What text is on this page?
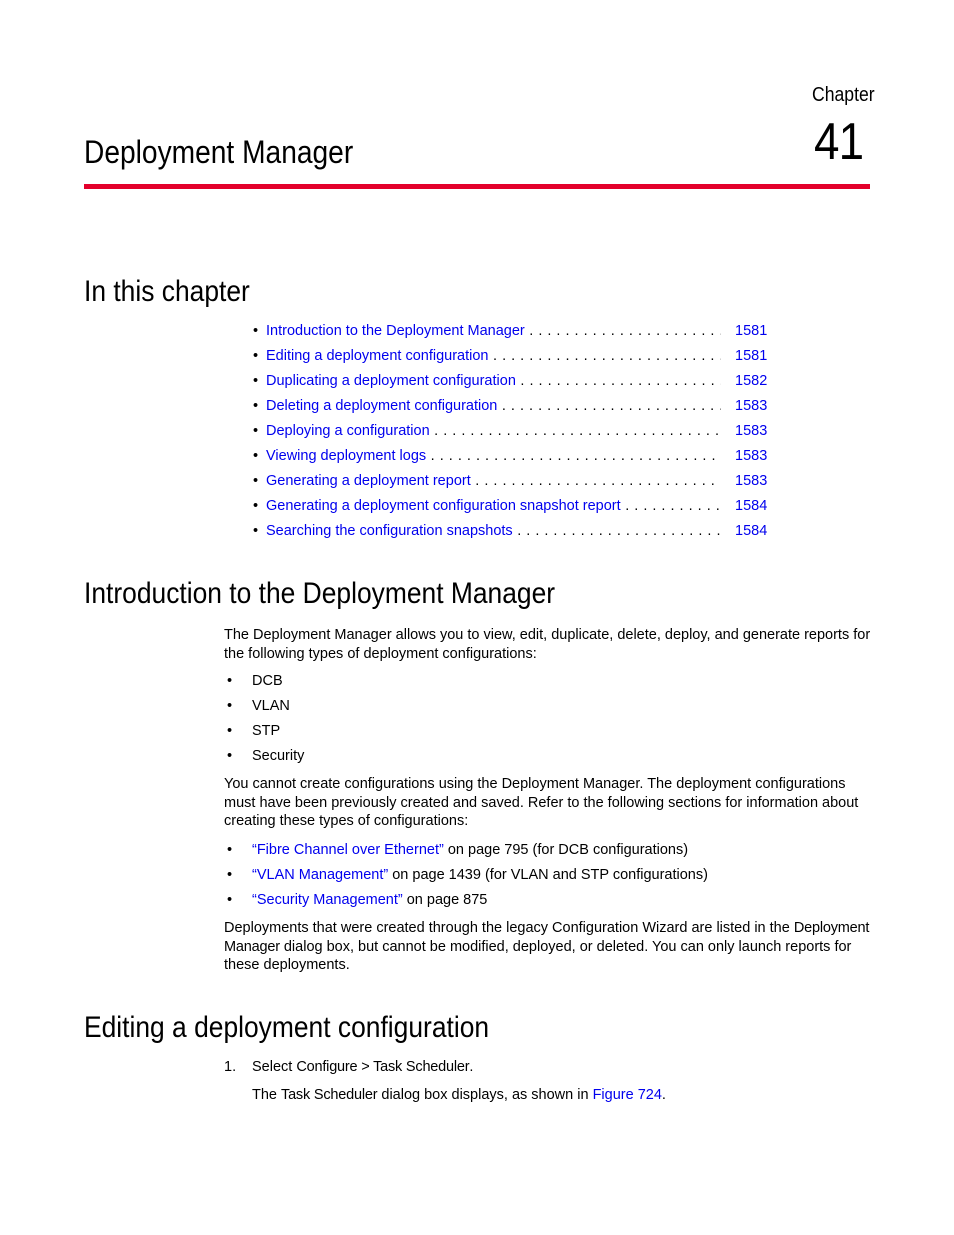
Chapter
41
Deployment Manager
In this chapter
• Introduction to the Deployment Manager . . .	1581
• Editing a deployment configuration . . .	1581
• Duplicating a deployment configuration . . .	1582
• Deleting a deployment configuration . . .	1583
• Deploying a configuration . . .	1583
• Viewing deployment logs . . .	1583
• Generating a deployment report . . .	1583
• Generating a deployment configuration snapshot report . . .	1584
• Searching the configuration snapshots . . .	1584
Introduction to the Deployment Manager

The Deployment Manager allows you to view, edit, duplicate, delete, deploy, and generate reports for the following types of deployment configurations:

• DCB
• VLAN
• STP
• Security

You cannot create configurations using the Deployment Manager. The deployment configurations must have been previously created and saved. Refer to the following sections for information about creating these types of configurations:

• “Fibre Channel over Ethernet” on page 795 (for DCB configurations)
• “VLAN Management” on page 1439 (for VLAN and STP configurations)
• “Security Management” on page 875

Deployments that were created through the legacy Configuration Wizard are listed in the Deployment Manager dialog box, but cannot be modified, deployed, or deleted. You can only launch reports for these deployments.

Editing a deployment configuration
1. Select Configure > Task Scheduler.
The Task Scheduler dialog box displays, as shown in Figure 724.
